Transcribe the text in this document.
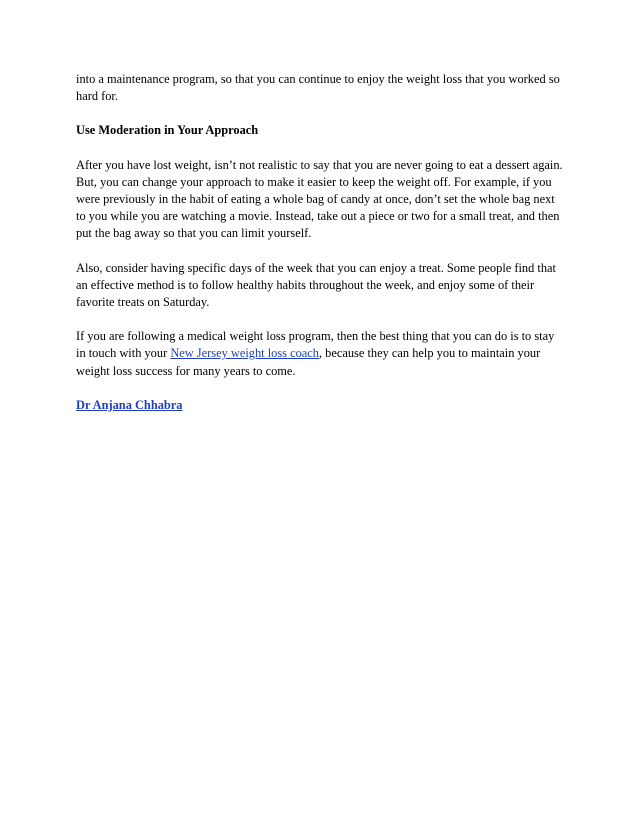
into a maintenance program, so that you can continue to enjoy the weight loss that you worked so hard for.

Use Moderation in Your Approach

After you have lost weight, isn’t not realistic to say that you are never going to eat a dessert again. But, you can change your approach to make it easier to keep the weight off. For example, if you were previously in the habit of eating a whole bag of candy at once, don’t set the whole bag next to you while you are watching a movie. Instead, take out a piece or two for a small treat, and then put the bag away so that you can limit yourself.

Also, consider having specific days of the week that you can enjoy a treat. Some people find that an effective method is to follow healthy habits throughout the week, and enjoy some of their favorite treats on Saturday.

If you are following a medical weight loss program, then the best thing that you can do is to stay in touch with your New Jersey weight loss coach, because they can help you to maintain your weight loss success for many years to come.

Dr Anjana Chhabra
